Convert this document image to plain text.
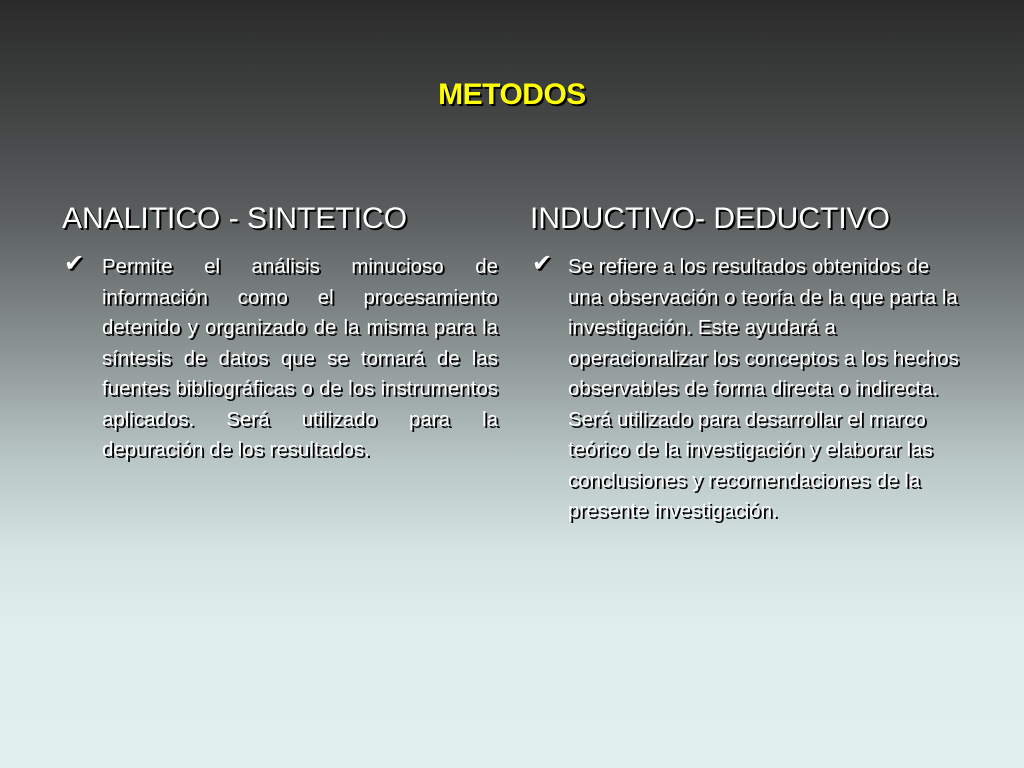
METODOS
ANALITICO - SINTETICO
✔ Permite el análisis minucioso de información como el procesamiento detenido y organizado de la misma para la síntesis de datos que se tomará de las fuentes bibliográficas o de los instrumentos aplicados. Será utilizado para la depuración de los resultados.

INDUCTIVO- DEDUCTIVO
✔ Se refiere a los resultados obtenidos de una observación o teoría de la que parta la investigación. Este ayudará a operacionalizar los conceptos a los hechos observables de forma directa o indirecta. Será utilizado para desarrollar el marco teórico de la investigación y elaborar las conclusiones y recomendaciones de la presente investigación.
